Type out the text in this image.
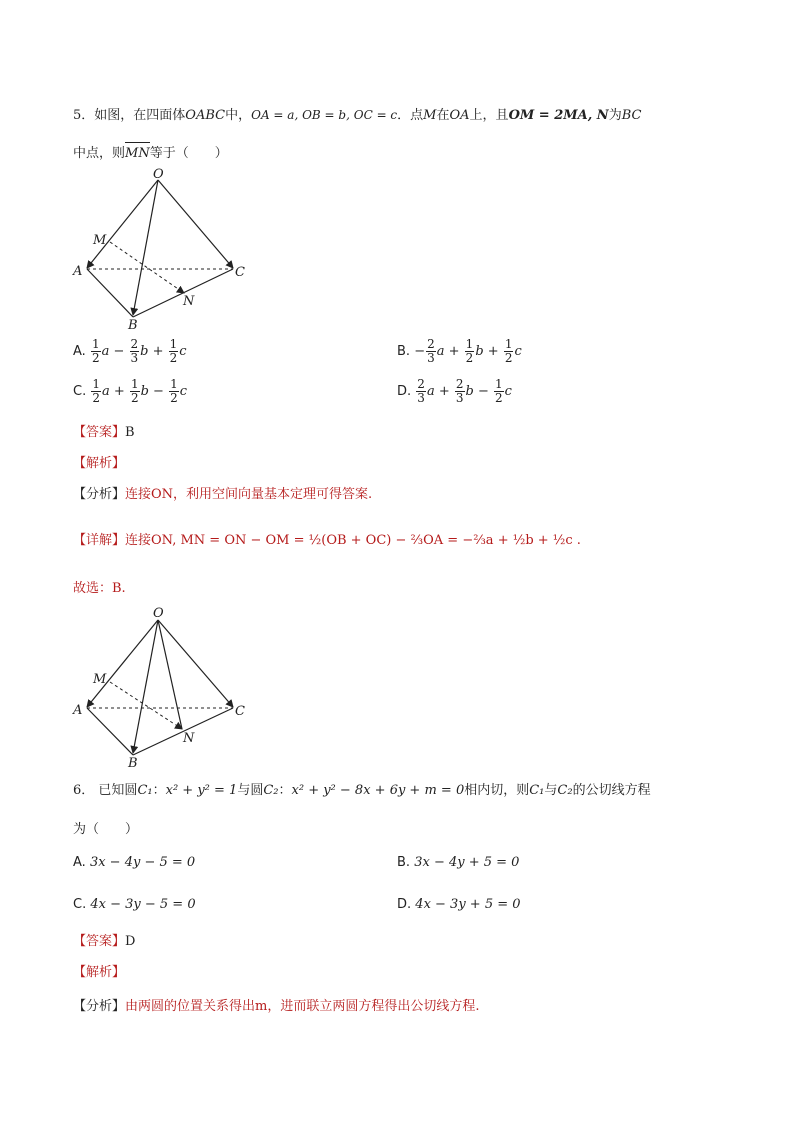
5．如图，在四面体OABC中，OA = a, OB = b, OC = c．点M在OA上，且OM = 2MA, N为BC
中点，则MN等于（　　）
O
A
B
C
M
N
A. $\frac{1}{2}$ $a - \frac{2}{3}$ $b + \frac{1}{2}$ c	B. − $\frac{2}{3}$ $a + \frac{1}{2}$ $b + \frac{1}{2}$ c
C. $\frac{1}{2}$ $a + \frac{1}{2}$ $b - \frac{1}{2}$ c	D. $\frac{2}{3}$ $a + \frac{2}{3}$ $b - \frac{1}{2}$ c
【答案】B
【解析】
【分析】连接ON，利用空间向量基本定理可得答案.
【详解】连接ON, MN = ON − OM = ½(OB + OC) − ⅔OA = −⅔a + ½b + ½c .
故选：B.
O
A
B
C
M
N
6． 已知圆C₁：x² + y² = 1与圆C₂：x² + y² − 8x + 6y + m = 0相内切，则C₁与C₂的公切线方程
为（　　）
A. 3x − 4y − 5 = 0	B. 3x − 4y + 5 = 0
C. 4x − 3y − 5 = 0	D. 4x − 3y + 5 = 0
【答案】D
【解析】
【分析】由两圆的位置关系得出m，进而联立两圆方程得出公切线方程.
